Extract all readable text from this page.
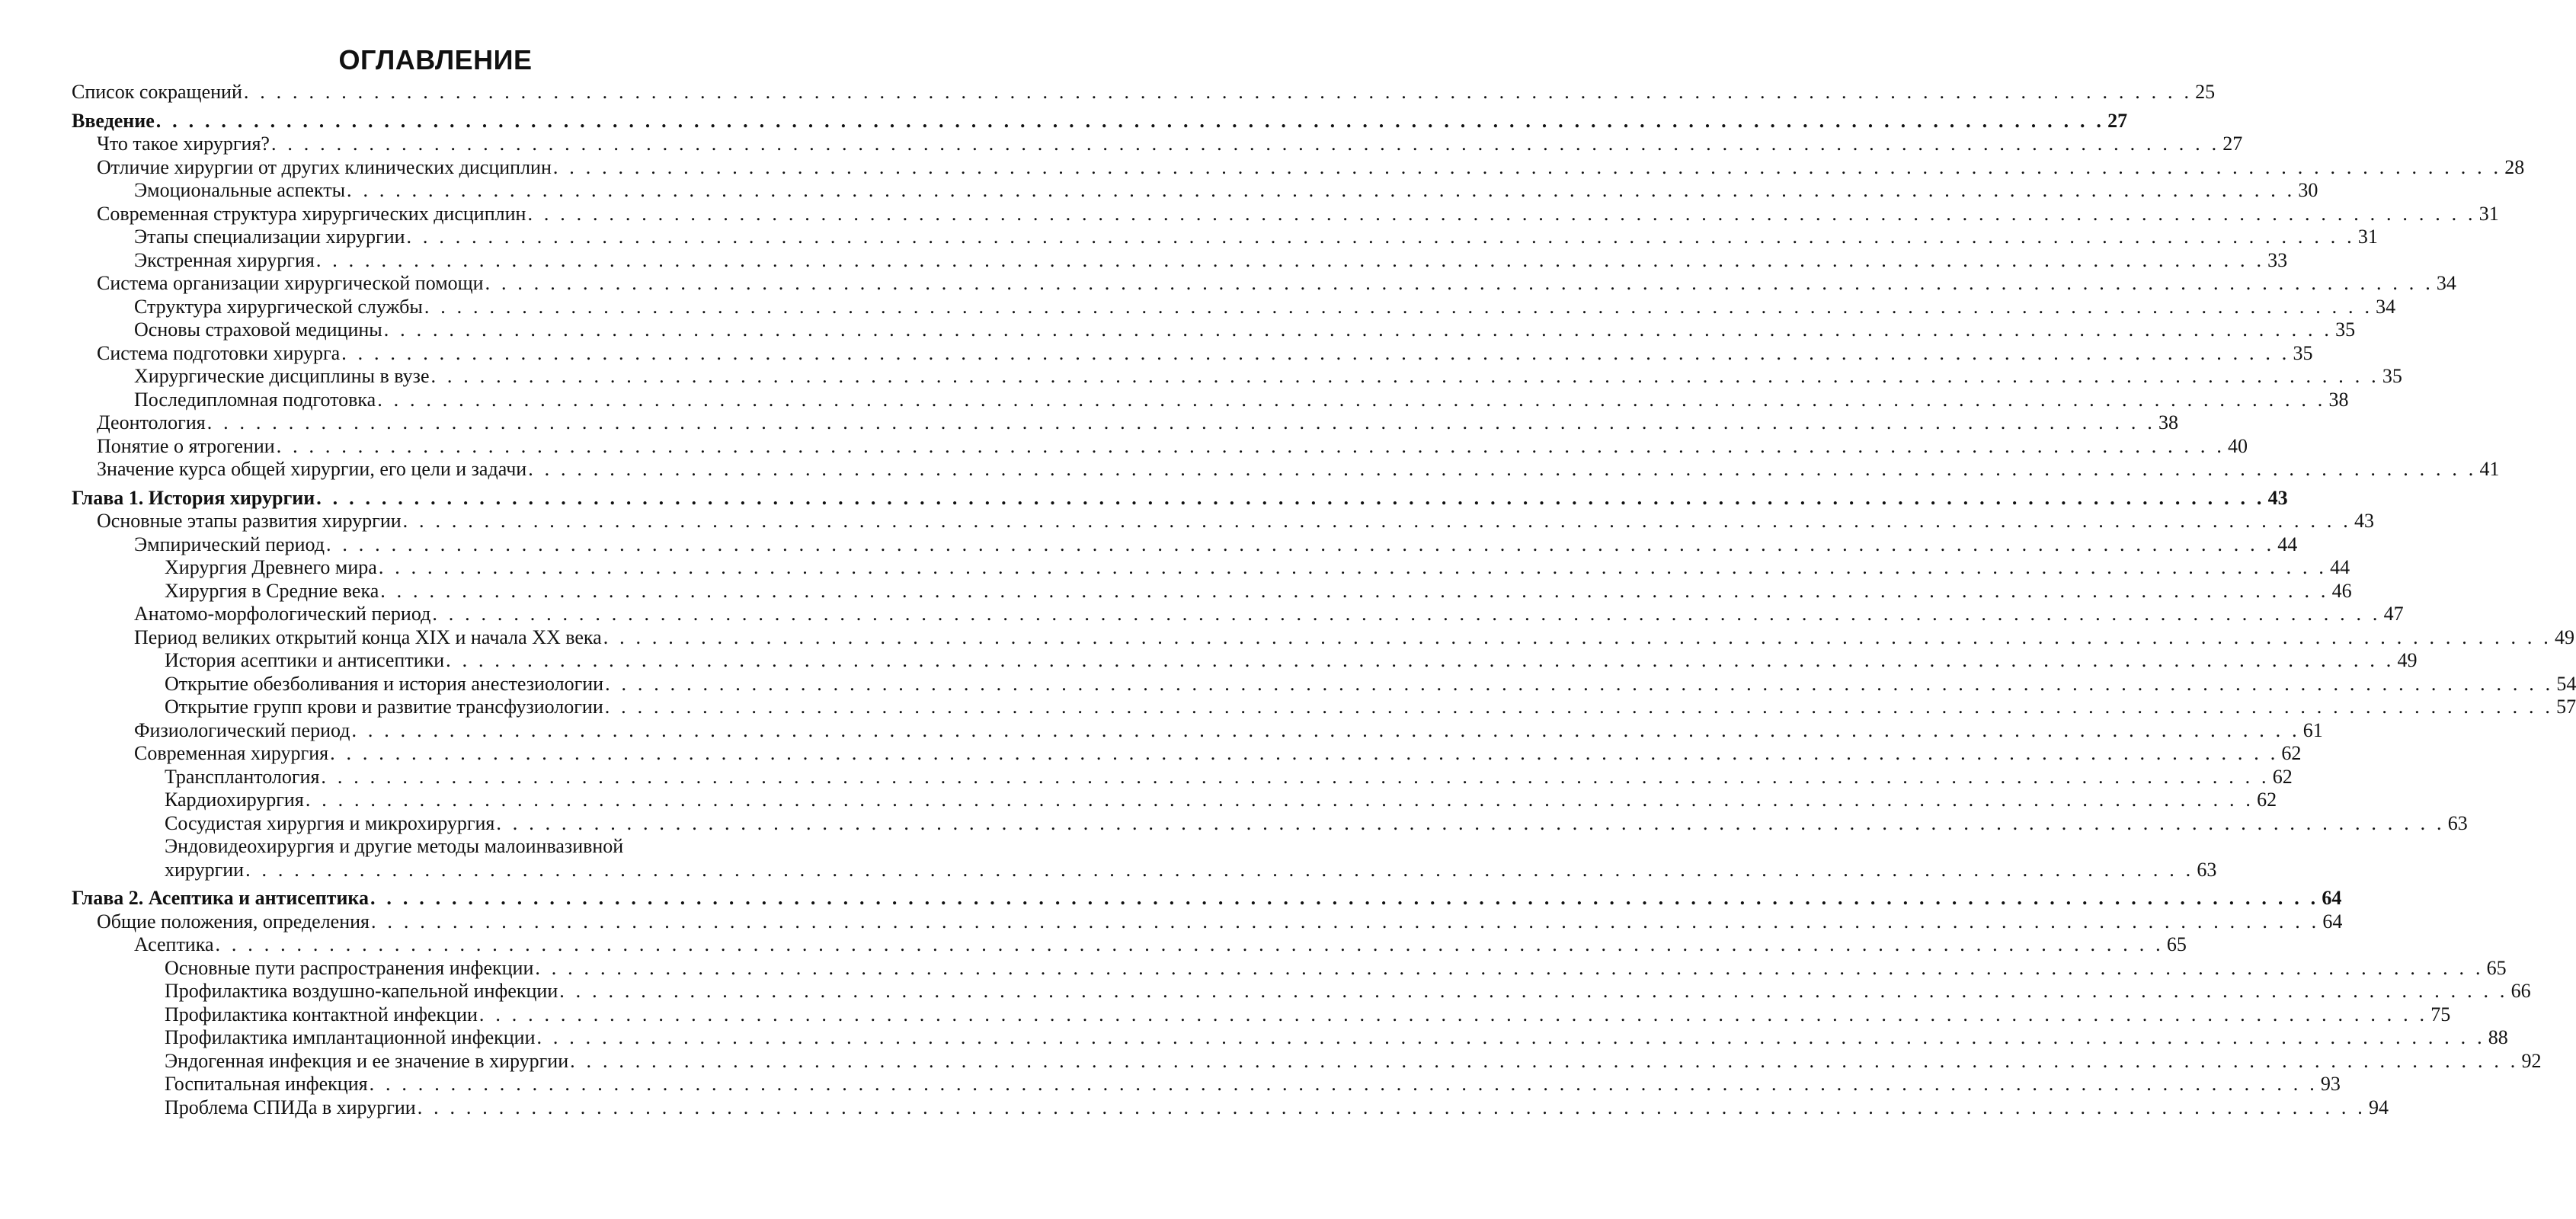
ОГЛАВЛЕНИЕ
Список сокращений . . . . . . . . . . . . . . . . . . . . . . . . . . . . . . . . . . . . . . . . . . . . . . . . . . . . . . . . . . . . . . . . . . . . . . . . . . . . . . . . . . . . . . . . . . . . . . . . . . . . . . . . . . . . . . . . . . . . . . . . 25
Введение . . . . . . . . . . . . . . . . . . . . . . . . . . . . . . . . . . . . . . . . . . . . . . . . . . . . . . . . . . . . . . . . . . . . . . . . . . . . . . . . . . . . . . . . . . . . . . . . . . . . . . . . . . . . . . . . . . . . . . . . 27
Что такое хирургия? . . . . . . . . . . . . . . . . . . . . . . . . . . . . . . . . . . . . . . . . . . . . . . . . . . . . . . . . . . . . . . . . . . . . . . . . . . . . . . . . . . . . . . . . . . . . . . . . . . . . . . . . . . . . . . . . . . . . . . . . 27
Отличие хирургии от других клинических дисциплин . . . . . . . . . . . . . . . . . . . . . . . . . . . . . . . . . . . . . . . . . . . . . . . . . . . . . . . . . . . . . . . . . . . . . . . . . . . . . . . . . . . . . . . . . . . . . . . . . . . . . . . . . . . . . . . . . . . . . . . . 28
Эмоциональные аспекты . . . . . . . . . . . . . . . . . . . . . . . . . . . . . . . . . . . . . . . . . . . . . . . . . . . . . . . . . . . . . . . . . . . . . . . . . . . . . . . . . . . . . . . . . . . . . . . . . . . . . . . . . . . . . . . . . . . . . . . . 30
Современная структура хирургических дисциплин . . . . . . . . . . . . . . . . . . . . . . . . . . . . . . . . . . . . . . . . . . . . . . . . . . . . . . . . . . . . . . . . . . . . . . . . . . . . . . . . . . . . . . . . . . . . . . . . . . . . . . . . . . . . . . . . . . . . . . . . 31
Этапы специализации хирургии . . . . . . . . . . . . . . . . . . . . . . . . . . . . . . . . . . . . . . . . . . . . . . . . . . . . . . . . . . . . . . . . . . . . . . . . . . . . . . . . . . . . . . . . . . . . . . . . . . . . . . . . . . . . . . . . . . . . . . . . 31
Экстренная хирургия . . . . . . . . . . . . . . . . . . . . . . . . . . . . . . . . . . . . . . . . . . . . . . . . . . . . . . . . . . . . . . . . . . . . . . . . . . . . . . . . . . . . . . . . . . . . . . . . . . . . . . . . . . . . . . . . . . . . . . . . 33
Система организации хирургической помощи . . . . . . . . . . . . . . . . . . . . . . . . . . . . . . . . . . . . . . . . . . . . . . . . . . . . . . . . . . . . . . . . . . . . . . . . . . . . . . . . . . . . . . . . . . . . . . . . . . . . . . . . . . . . . . . . . . . . . . . . 34
Структура хирургической службы . . . . . . . . . . . . . . . . . . . . . . . . . . . . . . . . . . . . . . . . . . . . . . . . . . . . . . . . . . . . . . . . . . . . . . . . . . . . . . . . . . . . . . . . . . . . . . . . . . . . . . . . . . . . . . . . . . . . . . . . 34
Основы страховой медицины . . . . . . . . . . . . . . . . . . . . . . . . . . . . . . . . . . . . . . . . . . . . . . . . . . . . . . . . . . . . . . . . . . . . . . . . . . . . . . . . . . . . . . . . . . . . . . . . . . . . . . . . . . . . . . . . . . . . . . . . 35
Система подготовки хирурга . . . . . . . . . . . . . . . . . . . . . . . . . . . . . . . . . . . . . . . . . . . . . . . . . . . . . . . . . . . . . . . . . . . . . . . . . . . . . . . . . . . . . . . . . . . . . . . . . . . . . . . . . . . . . . . . . . . . . . . . 35
Хирургические дисциплины в вузе . . . . . . . . . . . . . . . . . . . . . . . . . . . . . . . . . . . . . . . . . . . . . . . . . . . . . . . . . . . . . . . . . . . . . . . . . . . . . . . . . . . . . . . . . . . . . . . . . . . . . . . . . . . . . . . . . . . . . . . . 35
Последипломная подготовка . . . . . . . . . . . . . . . . . . . . . . . . . . . . . . . . . . . . . . . . . . . . . . . . . . . . . . . . . . . . . . . . . . . . . . . . . . . . . . . . . . . . . . . . . . . . . . . . . . . . . . . . . . . . . . . . . . . . . . . . 38
Деонтология . . . . . . . . . . . . . . . . . . . . . . . . . . . . . . . . . . . . . . . . . . . . . . . . . . . . . . . . . . . . . . . . . . . . . . . . . . . . . . . . . . . . . . . . . . . . . . . . . . . . . . . . . . . . . . . . . . . . . . . . 38
Понятие о ятрогении . . . . . . . . . . . . . . . . . . . . . . . . . . . . . . . . . . . . . . . . . . . . . . . . . . . . . . . . . . . . . . . . . . . . . . . . . . . . . . . . . . . . . . . . . . . . . . . . . . . . . . . . . . . . . . . . . . . . . . . . 40
Значение курса общей хирургии, его цели и задачи . . . . . . . . . . . . . . . . . . . . . . . . . . . . . . . . . . . . . . . . . . . . . . . . . . . . . . . . . . . . . . . . . . . . . . . . . . . . . . . . . . . . . . . . . . . . . . . . . . . . . . . . . . . . . . . . . . . . . . . . 41
Глава 1. История хирургии . . . . . . . . . . . . . . . . . . . . . . . . . . . . . . . . . . . . . . . . . . . . . . . . . . . . . . . . . . . . . . . . . . . . . . . . . . . . . . . . . . . . . . . . . . . . . . . . . . . . . . . . . . . . . . . . . . . . . . . . 43
Основные этапы развития хирургии . . . . . . . . . . . . . . . . . . . . . . . . . . . . . . . . . . . . . . . . . . . . . . . . . . . . . . . . . . . . . . . . . . . . . . . . . . . . . . . . . . . . . . . . . . . . . . . . . . . . . . . . . . . . . . . . . . . . . . . . 43
Эмпирический период . . . . . . . . . . . . . . . . . . . . . . . . . . . . . . . . . . . . . . . . . . . . . . . . . . . . . . . . . . . . . . . . . . . . . . . . . . . . . . . . . . . . . . . . . . . . . . . . . . . . . . . . . . . . . . . . . . . . . . . . 44
Хирургия Древнего мира . . . . . . . . . . . . . . . . . . . . . . . . . . . . . . . . . . . . . . . . . . . . . . . . . . . . . . . . . . . . . . . . . . . . . . . . . . . . . . . . . . . . . . . . . . . . . . . . . . . . . . . . . . . . . . . . . . . . . . . . 44
Хирургия в Средние века . . . . . . . . . . . . . . . . . . . . . . . . . . . . . . . . . . . . . . . . . . . . . . . . . . . . . . . . . . . . . . . . . . . . . . . . . . . . . . . . . . . . . . . . . . . . . . . . . . . . . . . . . . . . . . . . . . . . . . . . 46
Анатомо-морфологический период . . . . . . . . . . . . . . . . . . . . . . . . . . . . . . . . . . . . . . . . . . . . . . . . . . . . . . . . . . . . . . . . . . . . . . . . . . . . . . . . . . . . . . . . . . . . . . . . . . . . . . . . . . . . . . . . . . . . . . . . 47
Период великих открытий конца XIX и начала XX века . . . . . . . . . . . . . . . . . . . . . . . . . . . . . . . . . . . . . . . . . . . . . . . . . . . . . . . . . . . . . . . . . . . . . . . . . . . . . . . . . . . . . . . . . . . . . . . . . . . . . . . . . . . . . . . . . . . . . . . . 49
История асептики и антисептики . . . . . . . . . . . . . . . . . . . . . . . . . . . . . . . . . . . . . . . . . . . . . . . . . . . . . . . . . . . . . . . . . . . . . . . . . . . . . . . . . . . . . . . . . . . . . . . . . . . . . . . . . . . . . . . . . . . . . . . . 49
Открытие обезболивания и история анестезиологии . . . . . . . . . . . . . . . . . . . . . . . . . . . . . . . . . . . . . . . . . . . . . . . . . . . . . . . . . . . . . . . . . . . . . . . . . . . . . . . . . . . . . . . . . . . . . . . . . . . . . . . . . . . . . . . . . . . . . . . . 54
Открытие групп крови и развитие трансфузиологии . . . . . . . . . . . . . . . . . . . . . . . . . . . . . . . . . . . . . . . . . . . . . . . . . . . . . . . . . . . . . . . . . . . . . . . . . . . . . . . . . . . . . . . . . . . . . . . . . . . . . . . . . . . . . . . . . . . . . . . . 57
Физиологический период . . . . . . . . . . . . . . . . . . . . . . . . . . . . . . . . . . . . . . . . . . . . . . . . . . . . . . . . . . . . . . . . . . . . . . . . . . . . . . . . . . . . . . . . . . . . . . . . . . . . . . . . . . . . . . . . . . . . . . . . 61
Современная хирургия . . . . . . . . . . . . . . . . . . . . . . . . . . . . . . . . . . . . . . . . . . . . . . . . . . . . . . . . . . . . . . . . . . . . . . . . . . . . . . . . . . . . . . . . . . . . . . . . . . . . . . . . . . . . . . . . . . . . . . . . 62
Трансплантология . . . . . . . . . . . . . . . . . . . . . . . . . . . . . . . . . . . . . . . . . . . . . . . . . . . . . . . . . . . . . . . . . . . . . . . . . . . . . . . . . . . . . . . . . . . . . . . . . . . . . . . . . . . . . . . . . . . . . . . . 62
Кардиохирургия . . . . . . . . . . . . . . . . . . . . . . . . . . . . . . . . . . . . . . . . . . . . . . . . . . . . . . . . . . . . . . . . . . . . . . . . . . . . . . . . . . . . . . . . . . . . . . . . . . . . . . . . . . . . . . . . . . . . . . . . 62
Сосудистая хирургия и микрохирургия . . . . . . . . . . . . . . . . . . . . . . . . . . . . . . . . . . . . . . . . . . . . . . . . . . . . . . . . . . . . . . . . . . . . . . . . . . . . . . . . . . . . . . . . . . . . . . . . . . . . . . . . . . . . . . . . . . . . . . . . 63
Эндовидеохирургия и другие методы малоинвазивной
хирургии . . . . . . . . . . . . . . . . . . . . . . . . . . . . . . . . . . . . . . . . . . . . . . . . . . . . . . . . . . . . . . . . . . . . . . . . . . . . . . . . . . . . . . . . . . . . . . . . . . . . . . . . . . . . . . . . . . . . . . . . 63
Глава 2. Асептика и антисептика . . . . . . . . . . . . . . . . . . . . . . . . . . . . . . . . . . . . . . . . . . . . . . . . . . . . . . . . . . . . . . . . . . . . . . . . . . . . . . . . . . . . . . . . . . . . . . . . . . . . . . . . . . . . . . . . . . . . . . . . 64
Общие положения, определения . . . . . . . . . . . . . . . . . . . . . . . . . . . . . . . . . . . . . . . . . . . . . . . . . . . . . . . . . . . . . . . . . . . . . . . . . . . . . . . . . . . . . . . . . . . . . . . . . . . . . . . . . . . . . . . . . . . . . . . . 64
Асептика . . . . . . . . . . . . . . . . . . . . . . . . . . . . . . . . . . . . . . . . . . . . . . . . . . . . . . . . . . . . . . . . . . . . . . . . . . . . . . . . . . . . . . . . . . . . . . . . . . . . . . . . . . . . . . . . . . . . . . . . 65
Основные пути распространения инфекции . . . . . . . . . . . . . . . . . . . . . . . . . . . . . . . . . . . . . . . . . . . . . . . . . . . . . . . . . . . . . . . . . . . . . . . . . . . . . . . . . . . . . . . . . . . . . . . . . . . . . . . . . . . . . . . . . . . . . . . . 65
Профилактика воздушно-капельной инфекции . . . . . . . . . . . . . . . . . . . . . . . . . . . . . . . . . . . . . . . . . . . . . . . . . . . . . . . . . . . . . . . . . . . . . . . . . . . . . . . . . . . . . . . . . . . . . . . . . . . . . . . . . . . . . . . . . . . . . . . . 66
Профилактика контактной инфекции . . . . . . . . . . . . . . . . . . . . . . . . . . . . . . . . . . . . . . . . . . . . . . . . . . . . . . . . . . . . . . . . . . . . . . . . . . . . . . . . . . . . . . . . . . . . . . . . . . . . . . . . . . . . . . . . . . . . . . . . 75
Профилактика имплантационной инфекции . . . . . . . . . . . . . . . . . . . . . . . . . . . . . . . . . . . . . . . . . . . . . . . . . . . . . . . . . . . . . . . . . . . . . . . . . . . . . . . . . . . . . . . . . . . . . . . . . . . . . . . . . . . . . . . . . . . . . . . . 88
Эндогенная инфекция и ее значение в хирургии . . . . . . . . . . . . . . . . . . . . . . . . . . . . . . . . . . . . . . . . . . . . . . . . . . . . . . . . . . . . . . . . . . . . . . . . . . . . . . . . . . . . . . . . . . . . . . . . . . . . . . . . . . . . . . . . . . . . . . . . 92
Госпитальная инфекция . . . . . . . . . . . . . . . . . . . . . . . . . . . . . . . . . . . . . . . . . . . . . . . . . . . . . . . . . . . . . . . . . . . . . . . . . . . . . . . . . . . . . . . . . . . . . . . . . . . . . . . . . . . . . . . . . . . . . . . . 93
Проблема СПИДа в хирургии . . . . . . . . . . . . . . . . . . . . . . . . . . . . . . . . . . . . . . . . . . . . . . . . . . . . . . . . . . . . . . . . . . . . . . . . . . . . . . . . . . . . . . . . . . . . . . . . . . . . . . . . . . . . . . . . . . . . . . . . 94
